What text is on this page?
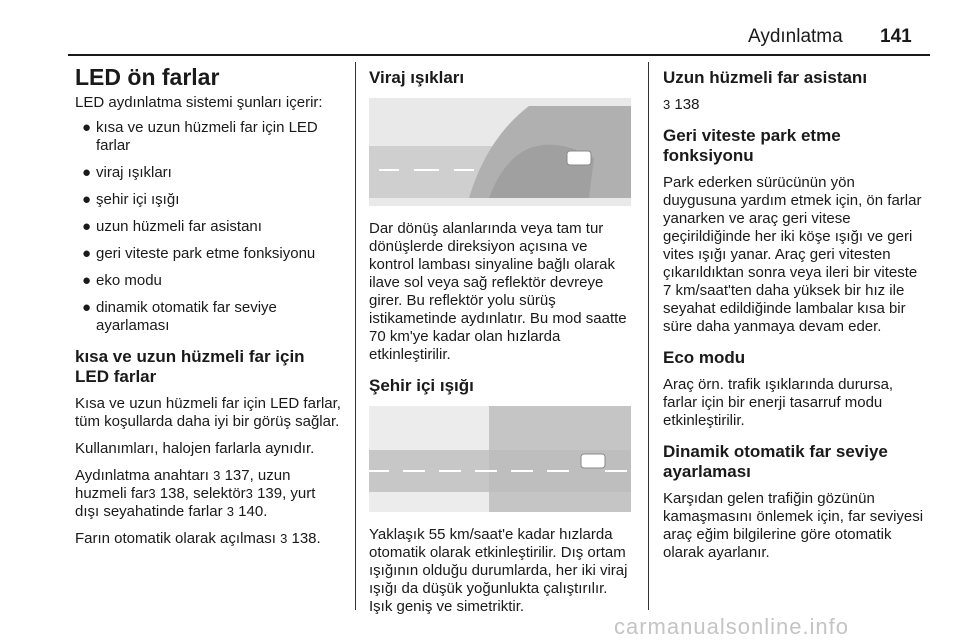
Aydınlatma 141
LED ön farlar

LED aydınlatma sistemi şunları içerir:

● kısa ve uzun hüzmeli far için LED farlar
● viraj ışıkları
● şehir içi ışığı
● uzun hüzmeli far asistanı
● geri viteste park etme fonksiyonu
● eko modu
● dinamik otomatik far seviye ayarlaması
kısa ve uzun hüzmeli far için LED farlar

Kısa ve uzun hüzmeli far için LED farlar, tüm koşullarda daha iyi bir görüş sağlar.

Kullanımları, halojen farlarla aynıdır.

Aydınlatma anahtarı 3 137, uzun huzmeli far3 138, selektör3 139, yurt dışı seyahatinde farlar 3 140.

Farın otomatik olarak açılması 3 138.

Viraj ışıkları

Dar dönüş alanlarında veya tam tur dönüşlerde direksiyon açısına ve kontrol lambası sinyaline bağlı olarak ilave sol veya sağ reflektör devreye girer. Bu reflektör yolu sürüş istikametinde aydınlatır. Bu mod saatte 70 km'ye kadar olan hızlarda etkinleştirilir.

Şehir içi ışığı

Yaklaşık 55 km/saat'e kadar hızlarda otomatik olarak etkinleştirilir. Dış ortam ışığının olduğu durumlarda, her iki viraj ışığı da düşük yoğunlukta çalıştırılır. Işık geniş ve simetriktir.

Uzun hüzmeli far asistanı

3 138

Geri viteste park etme fonksiyonu

Park ederken sürücünün yön duygusuna yardım etmek için, ön farlar yanarken ve araç geri vitese geçirildiğinde her iki köşe ışığı ve geri vites ışığı yanar. Araç geri vitesten çıkarıldıktan sonra veya ileri bir viteste 7 km/saat'ten daha yüksek bir hız ile seyahat edildiğinde lambalar kısa bir süre daha yanmaya devam eder.

Eco modu

Araç örn. trafik ışıklarında durursa, farlar için bir enerji tasarruf modu etkinleştirilir.

Dinamik otomatik far seviye ayarlaması

Karşıdan gelen trafiğin gözünün kamaşmasını önlemek için, far seviyesi araç eğim bilgilerine göre otomatik olarak ayarlanır.

carmanualsonline.info
